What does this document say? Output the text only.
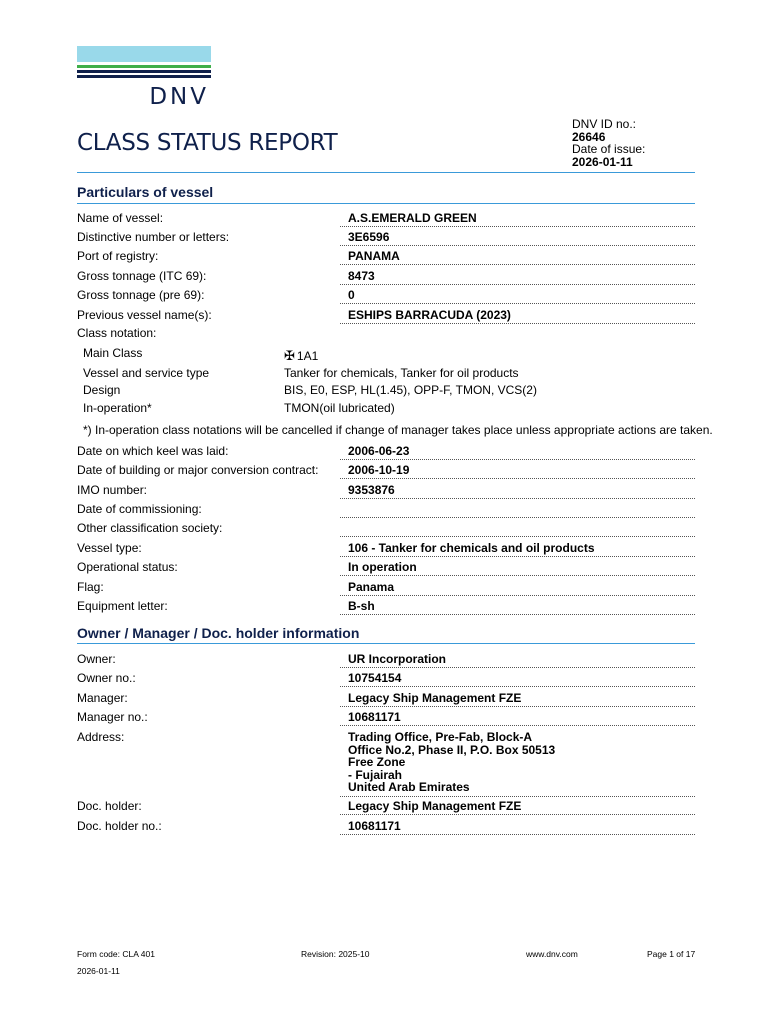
DNV
CLASS STATUS REPORT
DNV ID no.:
26646
Date of issue:
2026-01-11
Particulars of vessel
Name of vessel:	A.S.EMERALD GREEN
Distinctive number or letters:	3E6596
Port of registry:	PANAMA
Gross tonnage (ITC 69):	8473
Gross tonnage (pre 69):	0
Previous vessel name(s):	ESHIPS BARRACUDA (2023)
Class notation:
Main Class	✠ 1A1
Vessel and service type	Tanker for chemicals, Tanker for oil products
Design	BIS, E0, ESP, HL(1.45), OPP-F, TMON, VCS(2)
In-operation*	TMON(oil lubricated)
*) In-operation class notations will be cancelled if change of manager takes place unless appropriate actions are taken.
Date on which keel was laid:	2006-06-23
Date of building or major conversion contract:	2006-10-19
IMO number:	9353876
Date of commissioning:
Other classification society:
Vessel type:	106 - Tanker for chemicals and oil products
Operational status:	In operation
Flag:	Panama
Equipment letter:	B-sh
Owner / Manager / Doc. holder information
Owner:	UR Incorporation
Owner no.:	10754154
Manager:	Legacy Ship Management FZE
Manager no.:	10681171
Address:	Trading Office, Pre-Fab, Block-A
Office No.2, Phase II, P.O. Box 50513
Free Zone
- Fujairah
United Arab Emirates
Doc. holder:	Legacy Ship Management FZE
Doc. holder no.:	10681171
Form code: CLA 401	Revision: 2025-10	www.dnv.com	Page 1 of 17
2026-01-11
